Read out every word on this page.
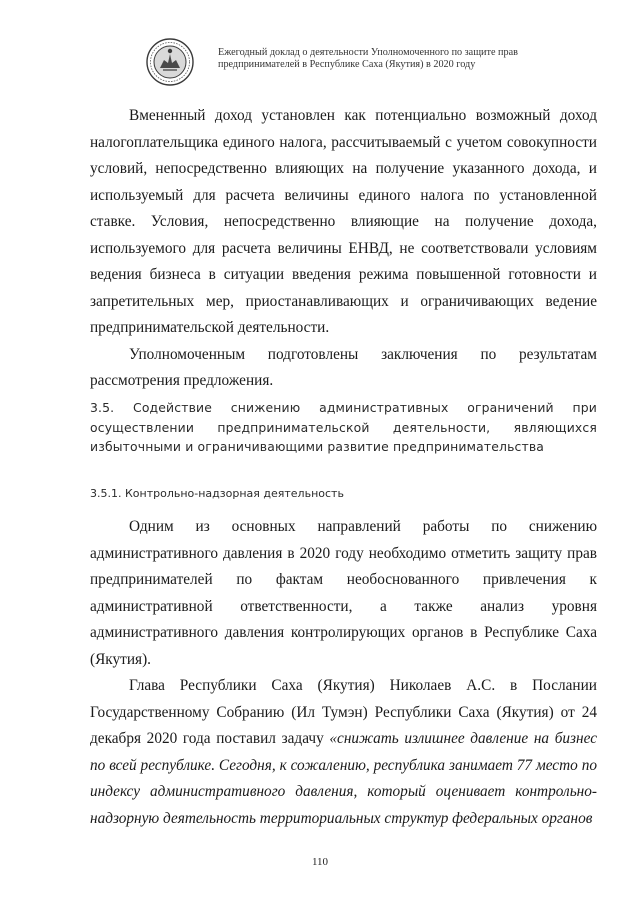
Ежегодный доклад о деятельности Уполномоченного по защите прав
предпринимателей в Республике Саха (Якутия) в 2020 году

Вмененный доход установлен как потенциально возможный доход налогоплательщика единого налога, рассчитываемый с учетом совокупности условий, непосредственно влияющих на получение указанного дохода, и используемый для расчета величины единого налога по установленной ставке. Условия, непосредственно влияющие на получение дохода, используемого для расчета величины ЕНВД, не соответствовали условиям ведения бизнеса в ситуации введения режима повышенной готовности и запретительных мер, приостанавливающих и ограничивающих ведение предпринимательской деятельности.

Уполномоченным подготовлены заключения по результатам рассмотрения предложения.

3.5. Содействие снижению административных ограничений при осуществлении предпринимательской деятельности, являющихся избыточными и ограничивающими развитие предпринимательства
3.5.1. Контрольно-надзорная деятельность

Одним из основных направлений работы по снижению административного давления в 2020 году необходимо отметить защиту прав предпринимателей по фактам необоснованного привлечения к административной ответственности, а также анализ уровня административного давления контролирующих органов в Республике Саха (Якутия).

Глава Республики Саха (Якутия) Николаев А.С. в Послании Государственному Собранию (Ил Тумэн) Республики Саха (Якутия) от 24 декабря 2020 года поставил задачу «снижать излишнее давление на бизнес по всей республике. Сегодня, к сожалению, республика занимает 77 место по индексу административного давления, который оценивает контрольно-надзорную деятельность территориальных структур федеральных органов

110
